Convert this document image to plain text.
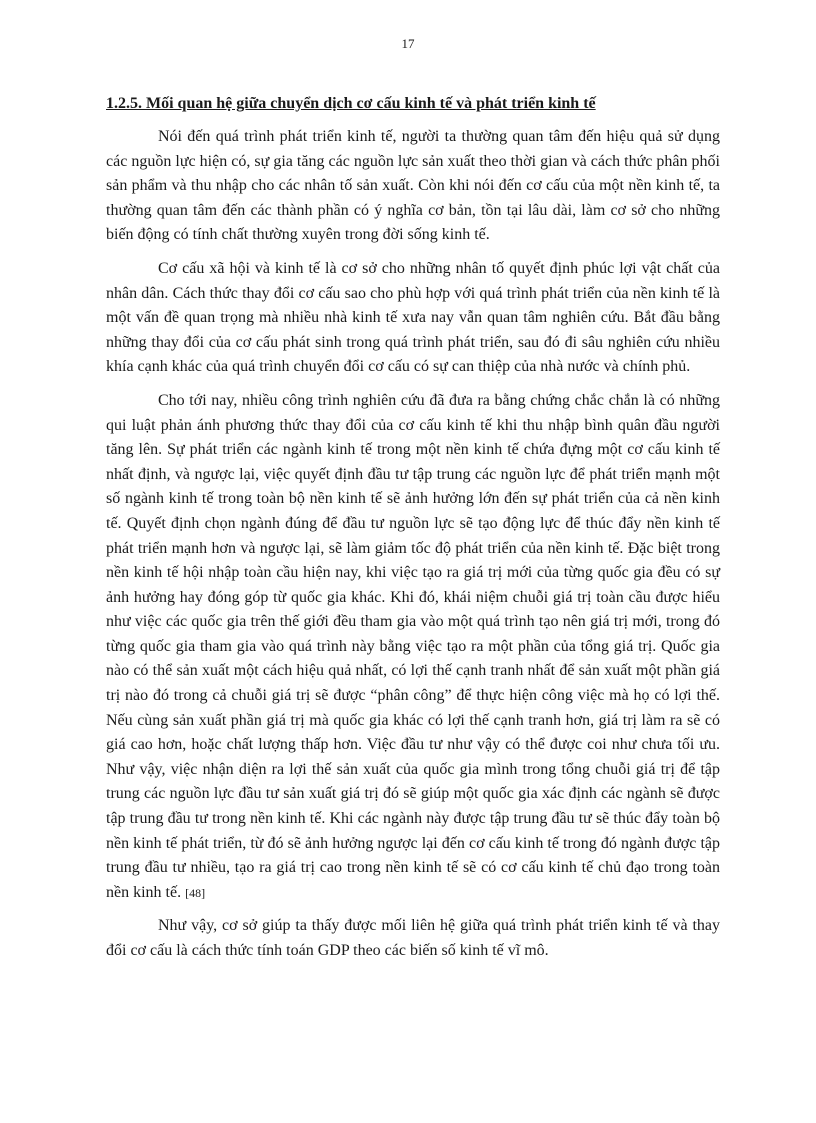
17
1.2.5. Mối quan hệ giữa chuyển dịch cơ cấu kinh tế và phát triển kinh tế

Nói đến quá trình phát triển kinh tế, người ta thường quan tâm đến hiệu quả sử dụng các nguồn lực hiện có, sự gia tăng các nguồn lực sản xuất theo thời gian và cách thức phân phối sản phẩm và thu nhập cho các nhân tố sản xuất. Còn khi nói đến cơ cấu của một nền kinh tế, ta thường quan tâm đến các thành phần có ý nghĩa cơ bản, tồn tại lâu dài, làm cơ sở cho những biến động có tính chất thường xuyên trong đời sống kinh tế.

Cơ cấu xã hội và kinh tế là cơ sở cho những nhân tố quyết định phúc lợi vật chất của nhân dân. Cách thức thay đổi cơ cấu sao cho phù hợp với quá trình phát triển của nền kinh tế là một vấn đề quan trọng mà nhiều nhà kinh tế xưa nay vẫn quan tâm nghiên cứu. Bắt đầu bằng những thay đổi của cơ cấu phát sinh trong quá trình phát triển, sau đó đi sâu nghiên cứu nhiều khía cạnh khác của quá trình chuyển đổi cơ cấu có sự can thiệp của nhà nước và chính phủ.

Cho tới nay, nhiều công trình nghiên cứu đã đưa ra bằng chứng chắc chắn là có những qui luật phản ánh phương thức thay đổi của cơ cấu kinh tế khi thu nhập bình quân đầu người tăng lên. Sự phát triển các ngành kinh tế trong một nền kinh tế chứa đựng một cơ cấu kinh tế nhất định, và ngược lại, việc quyết định đầu tư tập trung các nguồn lực để phát triển mạnh một số ngành kinh tế trong toàn bộ nền kinh tế sẽ ảnh hưởng lớn đến sự phát triển của cả nền kinh tế. Quyết định chọn ngành đúng để đầu tư nguồn lực sẽ tạo động lực để thúc đẩy nền kinh tế phát triển mạnh hơn và ngược lại, sẽ làm giảm tốc độ phát triển của nền kinh tế. Đặc biệt trong nền kinh tế hội nhập toàn cầu hiện nay, khi việc tạo ra giá trị mới của từng quốc gia đều có sự ảnh hưởng hay đóng góp từ quốc gia khác. Khi đó, khái niệm chuỗi giá trị toàn cầu được hiểu như việc các quốc gia trên thế giới đều tham gia vào một quá trình tạo nên giá trị mới, trong đó từng quốc gia tham gia vào quá trình này bằng việc tạo ra một phần của tổng giá trị. Quốc gia nào có thể sản xuất một cách hiệu quả nhất, có lợi thế cạnh tranh nhất để sản xuất một phần giá trị nào đó trong cả chuỗi giá trị sẽ được “phân công” để thực hiện công việc mà họ có lợi thế. Nếu cùng sản xuất phần giá trị mà quốc gia khác có lợi thế cạnh tranh hơn, giá trị làm ra sẽ có giá cao hơn, hoặc chất lượng thấp hơn. Việc đầu tư như vậy có thể được coi như chưa tối ưu. Như vậy, việc nhận diện ra lợi thế sản xuất của quốc gia mình trong tổng chuỗi giá trị để tập trung các nguồn lực đầu tư sản xuất giá trị đó sẽ giúp một quốc gia xác định các ngành sẽ được tập trung đầu tư trong nền kinh tế. Khi các ngành này được tập trung đầu tư sẽ thúc đẩy toàn bộ nền kinh tế phát triển, từ đó sẽ ảnh hưởng ngược lại đến cơ cấu kinh tế trong đó ngành được tập trung đầu tư nhiều, tạo ra giá trị cao trong nền kinh tế sẽ có cơ cấu kinh tế chủ đạo trong toàn nền kinh tế. [48]

Như vậy, cơ sở giúp ta thấy được mối liên hệ giữa quá trình phát triển kinh tế và thay đổi cơ cấu là cách thức tính toán GDP theo các biến số kinh tế vĩ mô.
